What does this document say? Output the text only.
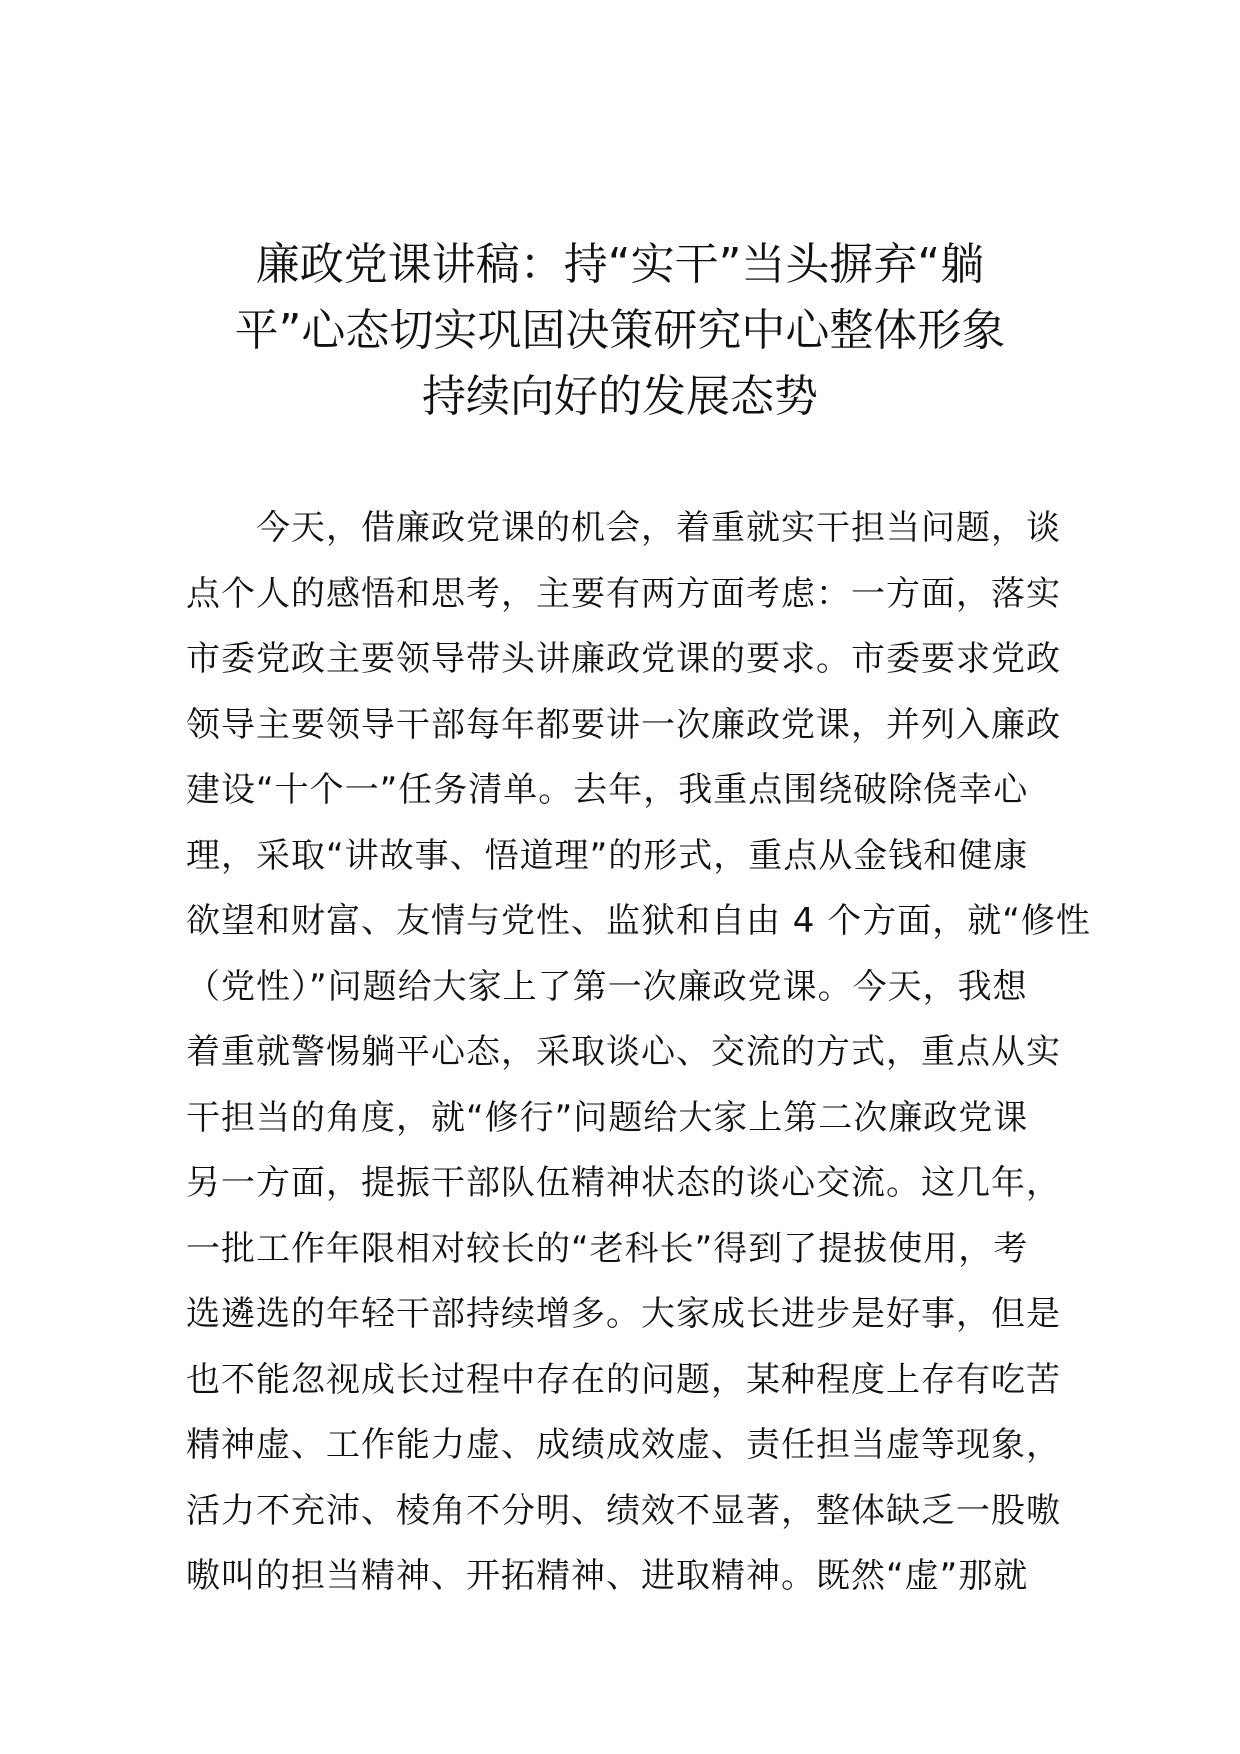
廉政党课讲稿：持“实干”当头摒弃“躺
平”心态切实巩固决策研究中心整体形象
持续向好的发展态势
今天，借廉政党课的机会，着重就实干担当问题，谈
点个人的感悟和思考，主要有两方面考虑：一方面，落实
市委党政主要领导带头讲廉政党课的要求。市委要求党政
领导主要领导干部每年都要讲一次廉政党课，并列入廉政
建设“十个一”任务清单。去年，我重点围绕破除侥幸心
理，采取“讲故事、悟道理”的形式，重点从金钱和健康
欲望和财富、友情与党性、监狱和自由 4 个方面，就“修性
（党性）”问题给大家上了第一次廉政党课。今天，我想
着重就警惕躺平心态，采取谈心、交流的方式，重点从实
干担当的角度，就“修行”问题给大家上第二次廉政党课
另一方面，提振干部队伍精神状态的谈心交流。这几年，
一批工作年限相对较长的“老科长”得到了提拔使用，考
选遴选的年轻干部持续增多。大家成长进步是好事，但是
也不能忽视成长过程中存在的问题，某种程度上存有吃苦
精神虚、工作能力虚、成绩成效虚、责任担当虚等现象，
活力不充沛、棱角不分明、绩效不显著，整体缺乏一股嗷
嗷叫的担当精神、开拓精神、进取精神。既然“虚”那就
